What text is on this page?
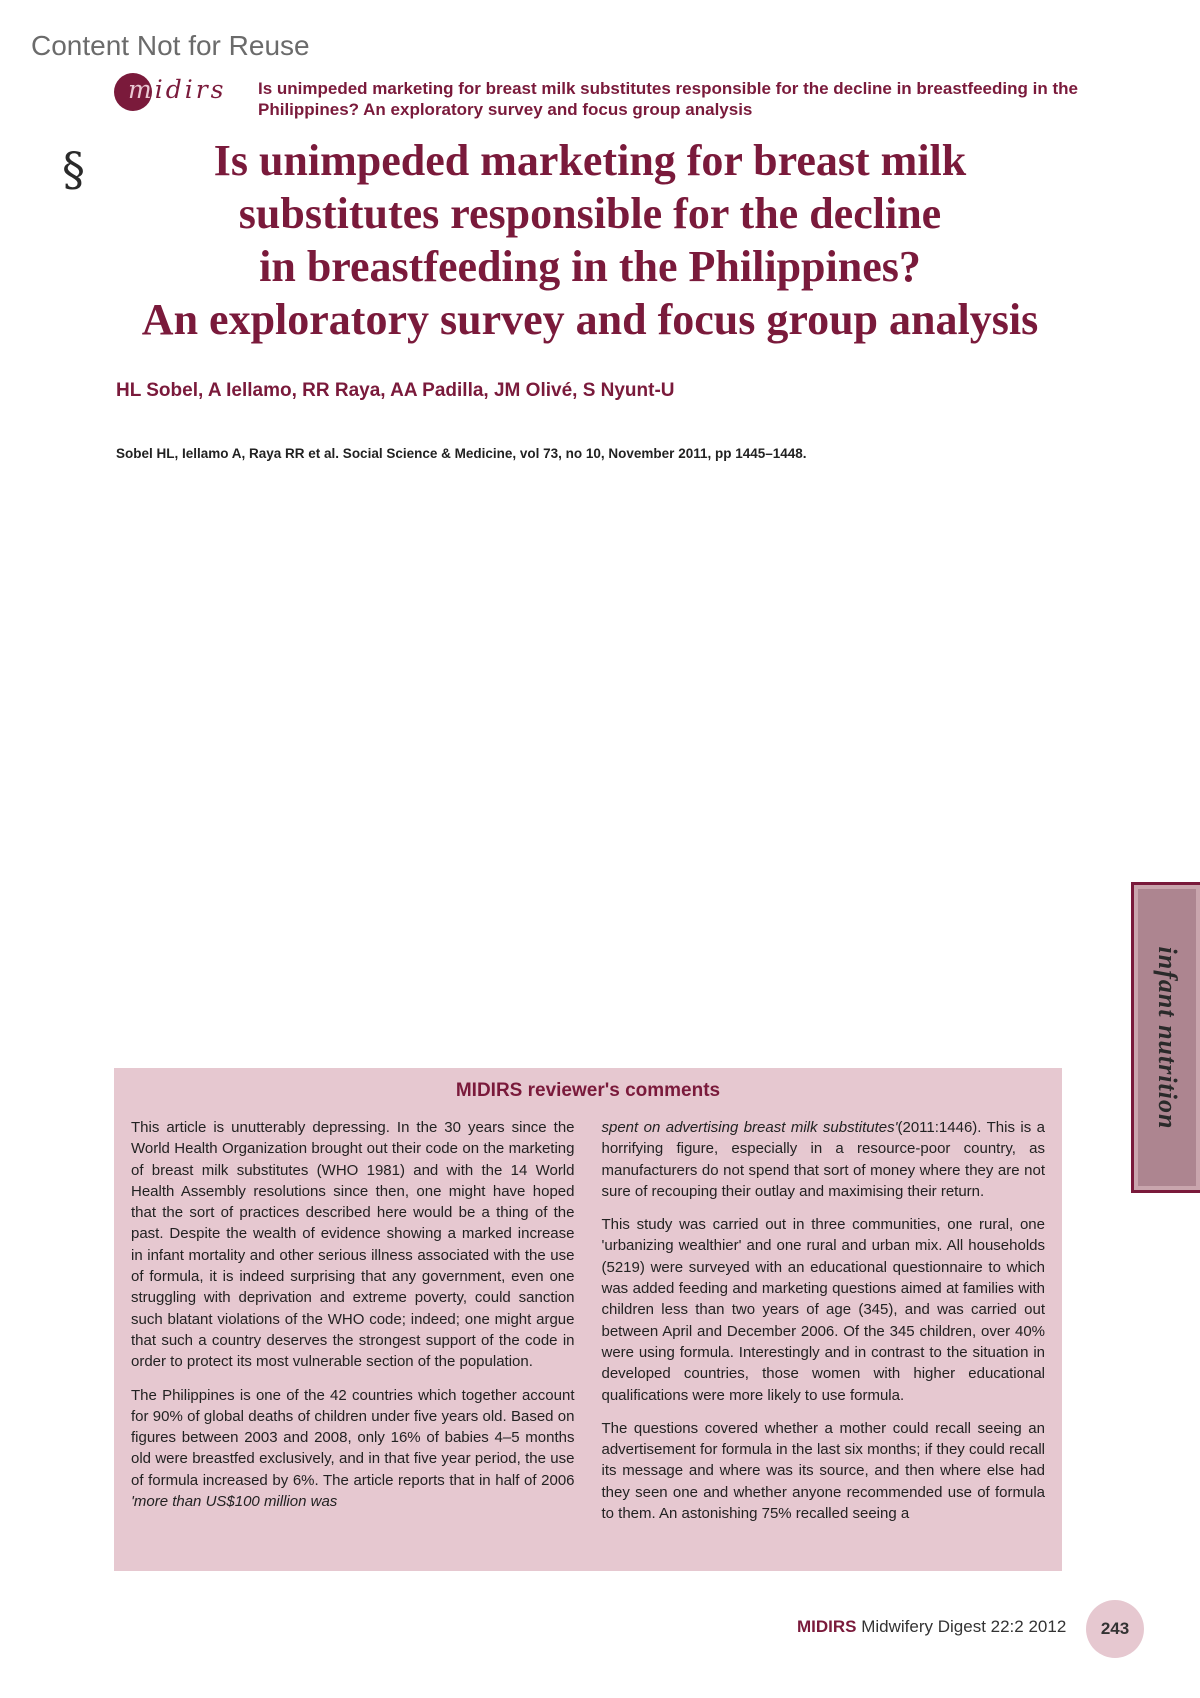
Content Not for Reuse
midirs Is unimpeded marketing for breast milk substitutes responsible for the decline in breastfeeding in the Philippines? An exploratory survey and focus group analysis
§	Is unimpeded marketing for breast milk
substitutes responsible for the decline
in breastfeeding in the Philippines?
An exploratory survey and focus group analysis
HL Sobel, A Iellamo, RR Raya, AA Padilla, JM Olivé, S Nyunt-U
Sobel HL, Iellamo A, Raya RR et al. Social Science & Medicine, vol 73, no 10, November 2011, pp 1445–1448.
infant nutrition
MIDIRS reviewer's comments

This article is unutterably depressing. In the 30 years since the World Health Organization brought out their code on the marketing of breast milk substitutes (WHO 1981) and with the 14 World Health Assembly resolutions since then, one might have hoped that the sort of practices described here would be a thing of the past. Despite the wealth of evidence showing a marked increase in infant mortality and other serious illness associated with the use of formula, it is indeed surprising that any government, even one struggling with deprivation and extreme poverty, could sanction such blatant violations of the WHO code; indeed; one might argue that such a country deserves the strongest support of the code in order to protect its most vulnerable section of the population.

The Philippines is one of the 42 countries which together account for 90% of global deaths of children under five years old. Based on figures between 2003 and 2008, only 16% of babies 4–5 months old were breastfed exclusively, and in that five year period, the use of formula increased by 6%. The article reports that in half of 2006 'more than US$100 million was

spent on advertising breast milk substitutes'(2011:1446). This is a horrifying figure, especially in a resource-poor country, as manufacturers do not spend that sort of money where they are not sure of recouping their outlay and maximising their return.

This study was carried out in three communities, one rural, one 'urbanizing wealthier' and one rural and urban mix. All households (5219) were surveyed with an educational questionnaire to which was added feeding and marketing questions aimed at families with children less than two years of age (345), and was carried out between April and December 2006. Of the 345 children, over 40% were using formula. Interestingly and in contrast to the situation in developed countries, those women with higher educational qualifications were more likely to use formula.

The questions covered whether a mother could recall seeing an advertisement for formula in the last six months; if they could recall its message and where was its source, and then where else had they seen one and whether anyone recommended use of formula to them. An astonishing 75% recalled seeing a

MIDIRS Midwifery Digest 22:2 2012	243
